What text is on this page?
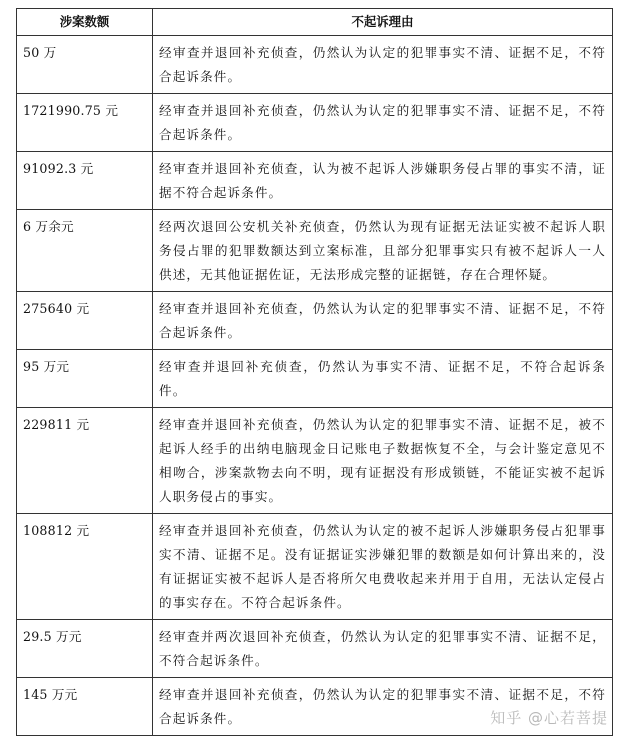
涉案数额	不起诉理由
50 万	经审查并退回补充侦查，仍然认为认定的犯罪事实不清、证据不足，不符合起诉条件。
1721990.75 元	经审查并退回补充侦查，仍然认为认定的犯罪事实不清、证据不足，不符合起诉条件。
91092.3 元	经审查并退回补充侦查，认为被不起诉人涉嫌职务侵占罪的事实不清，证据不符合起诉条件。
6 万余元	经两次退回公安机关补充侦查，仍然认为现有证据无法证实被不起诉人职务侵占罪的犯罪数额达到立案标准，且部分犯罪事实只有被不起诉人一人供述，无其他证据佐证，无法形成完整的证据链，存在合理怀疑。
275640 元	经审查并退回补充侦查，仍然认为认定的犯罪事实不清、证据不足，不符合起诉条件。
95 万元	经审查并退回补充侦查，仍然认为事实不清、证据不足，不符合起诉条件。
229811 元	经审查并退回补充侦查，仍然认为认定的犯罪事实不清、证据不足，被不起诉人经手的出纳电脑现金日记账电子数据恢复不全，与会计鉴定意见不相吻合，涉案款物去向不明，现有证据没有形成锁链，不能证实被不起诉人职务侵占的事实。
108812 元	经审查并退回补充侦查，仍然认为认定的被不起诉人涉嫌职务侵占犯罪事实不清、证据不足。没有证据证实涉嫌犯罪的数额是如何计算出来的，没有证据证实被不起诉人是否将所欠电费收起来并用于自用，无法认定侵占的事实存在。不符合起诉条件。
29.5 万元	经审查并两次退回补充侦查，仍然认为认定的犯罪事实不清、证据不足，不符合起诉条件。
145 万元	经审查并退回补充侦查，仍然认为认定的犯罪事实不清、证据不足，不符合起诉条件。	知乎 @心若菩提
